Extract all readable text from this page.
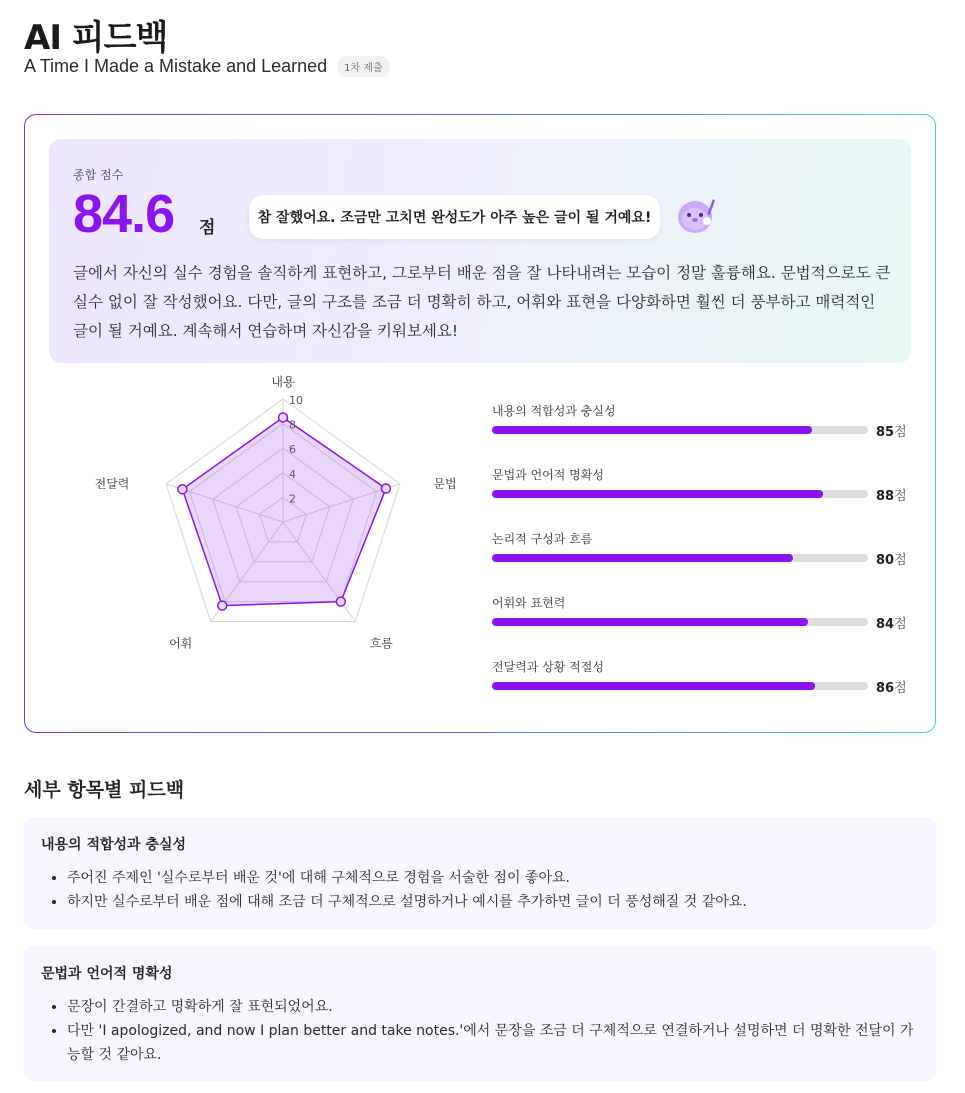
AI 피드백
A Time I Made a Mistake and Learned	1차 제출
종합 점수
84.6 점	참 잘했어요. 조금만 고치면 완성도가 아주 높은 글이 될 거예요!
글에서 자신의 실수 경험을 솔직하게 표현하고, 그로부터 배운 점을 잘 나타내려는 모습이 정말 훌륭해요. 문법적으로도 큰 실수 없이 잘 작성했어요. 다만, 글의 구조를 조금 더 명확히 하고, 어휘와 표현을 다양화하면 훨씬 더 풍부하고 매력적인 글이 될 거예요. 계속해서 연습하며 자신감을 키워보세요!
2
4
6
8
10
내용
문법
흐름
어휘
전달력
내용의 적합성과 충실성
85점
문법과 언어적 명확성
88점
논리적 구성과 흐름
80점
어휘와 표현력
84점
전달력과 상황 적절성
86점
세부 항목별 피드백
내용의 적합성과 충실성
• 주어진 주제인 '실수로부터 배운 것'에 대해 구체적으로 경험을 서술한 점이 좋아요.
• 하지만 실수로부터 배운 점에 대해 조금 더 구체적으로 설명하거나 예시를 추가하면 글이 더 풍성해질 것 같아요.
문법과 언어적 명확성
• 문장이 간결하고 명확하게 잘 표현되었어요.
• 다만 'I apologized, and now I plan better and take notes.'에서 문장을 조금 더 구체적으로 연결하거나 설명하면 더 명확한 전달이 가능할 것 같아요.
